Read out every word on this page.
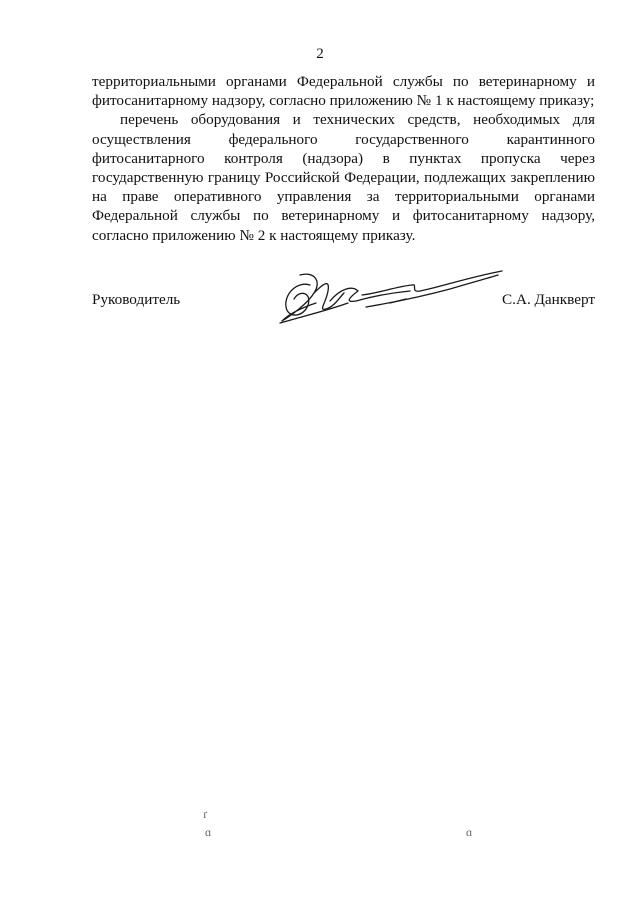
2

территориальными органами Федеральной службы по ветеринарному и фитосанитарному надзору, согласно приложению № 1 к настоящему приказу;

перечень оборудования и технических средств, необходимых для осуществления федерального государственного карантинного фитосанитарного контроля (надзора) в пунктах пропуска через государственную границу Российской Федерации, подлежащих закреплению на праве оперативного управления за территориальными органами Федеральной службы по ветеринарному и фитосанитарному надзору, согласно приложению № 2 к настоящему приказу.

Руководитель	С.А. Данкверт
ґ
ɑ	ɑ
